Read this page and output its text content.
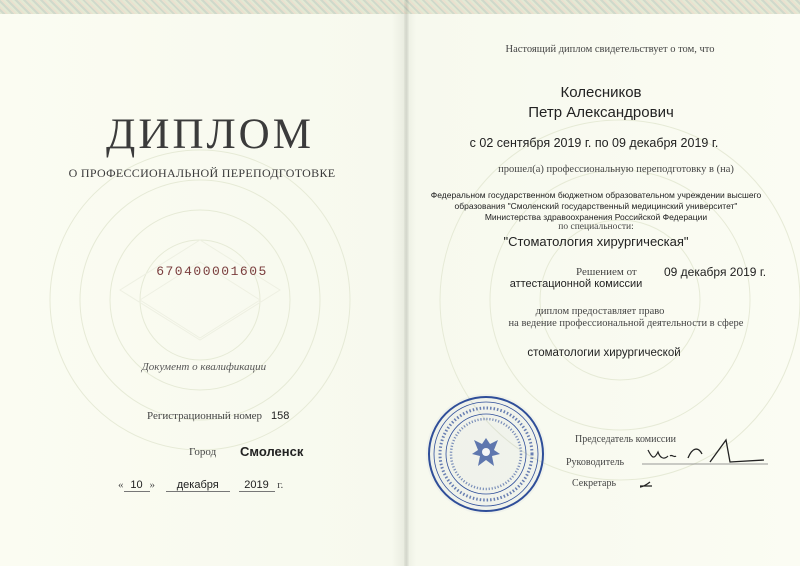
ДИПЛОМ
О ПРОФЕССИОНАЛЬНОЙ ПЕРЕПОДГОТОВКЕ
670400001605
Документ о квалификации
Регистрационный номер 158
Город Смоленск
« 10 » декабря 2019 г.
Настоящий диплом свидетельствует о том, что
Колесников
Петр Александрович
с 02 сентября 2019 г. по 09 декабря 2019 г.
прошел(а) профессиональную переподготовку в (на)
Федеральном государственном бюджетном образовательном учреждении высшего
образования "Смоленский государственный медицинский университет"
Министерства здравоохранения Российской Федерации
по специальности:
"Стоматология хирургическая"
Решением от 09 декабря 2019 г.
аттестационной комиссии
диплом предоставляет право
на ведение профессиональной деятельности в сфере
стоматологии хирургической
Председатель комиссии
Руководитель
Секретарь
